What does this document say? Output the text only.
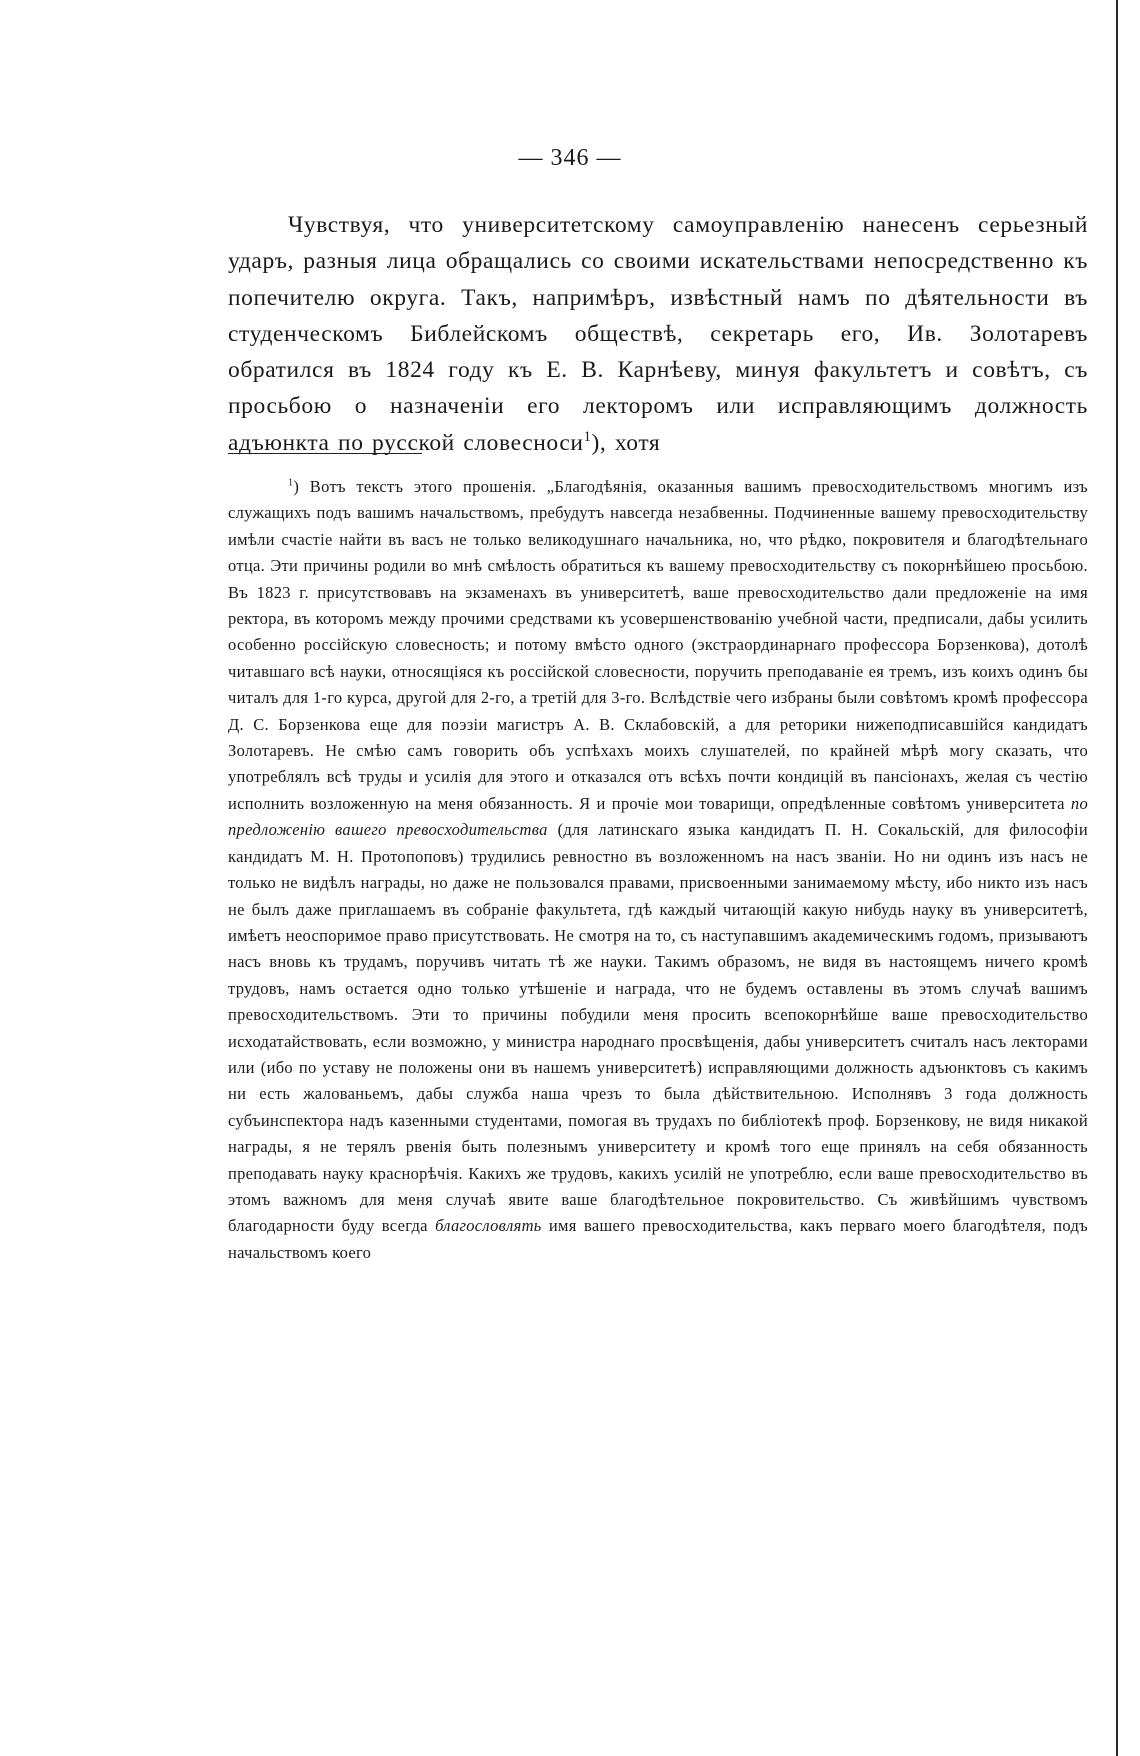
— 346 —

Чувствуя, что университетскому самоуправленію нанесенъ серьезный ударъ, разныя лица обращались со своими искательствами непосредственно къ попечителю округа. Такъ, напримѣръ, извѣстный намъ по дѣятельности въ студенческомъ Библейскомъ обществѣ, секретарь его, Ив. Золотаревъ обратился въ 1824 году къ Е. В. Карнѣеву, минуя факультетъ и совѣтъ, съ просьбою о назначеніи его лекторомъ или исправляющимъ должность адъюнкта по русской словесноси$^1$), хотя

$^1$) Вотъ текстъ этого прошенія. „Благодѣянія, оказанныя вашимъ превосходительствомъ многимъ изъ служащихъ подъ вашимъ начальствомъ, пребудутъ навсегда незабвенны. Подчиненные вашему превосходительству имѣли счастіе найти въ васъ не только великодушнаго начальника, но, что рѣдко, покровителя и благодѣтельнаго отца. Эти причины родили во мнѣ смѣлость обратиться къ вашему превосходительству съ покорнѣйшею просьбою. Въ 1823 г. присутствовавъ на экзаменахъ въ университетѣ, ваше превосходительство дали предложеніе на имя ректора, въ которомъ между прочими средствами къ усовершенствованію учебной части, предписали, дабы усилить особенно россійскую словесность; и потому вмѣсто одного (экстраординарнаго профессора Борзенкова), дотолѣ читавшаго всѣ науки, относящіяся къ россійской словесности, поручить преподаваніе ея тремъ, изъ коихъ одинъ бы читалъ для 1-го курса, другой для 2-го, а третій для 3-го. Вслѣдствіе чего избраны были совѣтомъ кромѣ профессора Д. С. Борзенкова еще для поэзіи магистръ А. В. Склабовскій, а для реторики нижеподписавшійся кандидатъ Золотаревъ. Не смѣю самъ говорить объ успѣхахъ моихъ слушателей, по крайней мѣрѣ могу сказать, что употреблялъ всѣ труды и усилія для этого и отказался отъ всѣхъ почти кондицій въ пансіонахъ, желая съ честію исполнить возложенную на меня обязанность. Я и прочіе мои товарищи, опредѣленные совѣтомъ университета по предложенію вашего превосходительства (для латинскаго языка кандидатъ П. Н. Сокальскій, для философіи кандидатъ М. Н. Протопоповъ) трудились ревностно въ возложенномъ на насъ званіи. Но ни одинъ изъ насъ не только не видѣлъ награды, но даже не пользовался правами, присвоенными занимаемому мѣсту, ибо никто изъ насъ не былъ даже приглашаемъ въ собраніе факультета, гдѣ каждый читающій какую нибудь науку въ университетѣ, имѣетъ неоспоримое право присутствовать. Не смотря на то, съ наступавшимъ академическимъ годомъ, призываютъ насъ вновь къ трудамъ, поручивъ читать тѣ же науки. Такимъ образомъ, не видя въ настоящемъ ничего кромѣ трудовъ, намъ остается одно только утѣшеніе и награда, что не будемъ оставлены въ этомъ случаѣ вашимъ превосходительствомъ. Эти то причины побудили меня просить всепокорнѣйше ваше превосходительство исходатайствовать, если возможно, у министра народнаго просвѣщенія, дабы университетъ считалъ насъ лекторами или (ибо по уставу не положены они въ нашемъ университетѣ) исправляющими должность адъюнктовъ съ какимъ ни есть жалованьемъ, дабы служба наша чрезъ то была дѣйствительною. Исполнявъ 3 года должность субъинспектора надъ казенными студентами, помогая въ трудахъ по библіотекѣ проф. Борзенкову, не видя никакой награды, я не терялъ рвенія быть полезнымъ университету и кромѣ того еще принялъ на себя обязанность преподавать науку краснорѣчія. Какихъ же трудовъ, какихъ усилій не употреблю, если ваше превосходительство въ этомъ важномъ для меня случаѣ явите ваше благодѣтельное покровительство. Съ живѣйшимъ чувствомъ благодарности буду всегда благословлять имя вашего превосходительства, какъ перваго моего благодѣтеля, подъ начальствомъ коего
